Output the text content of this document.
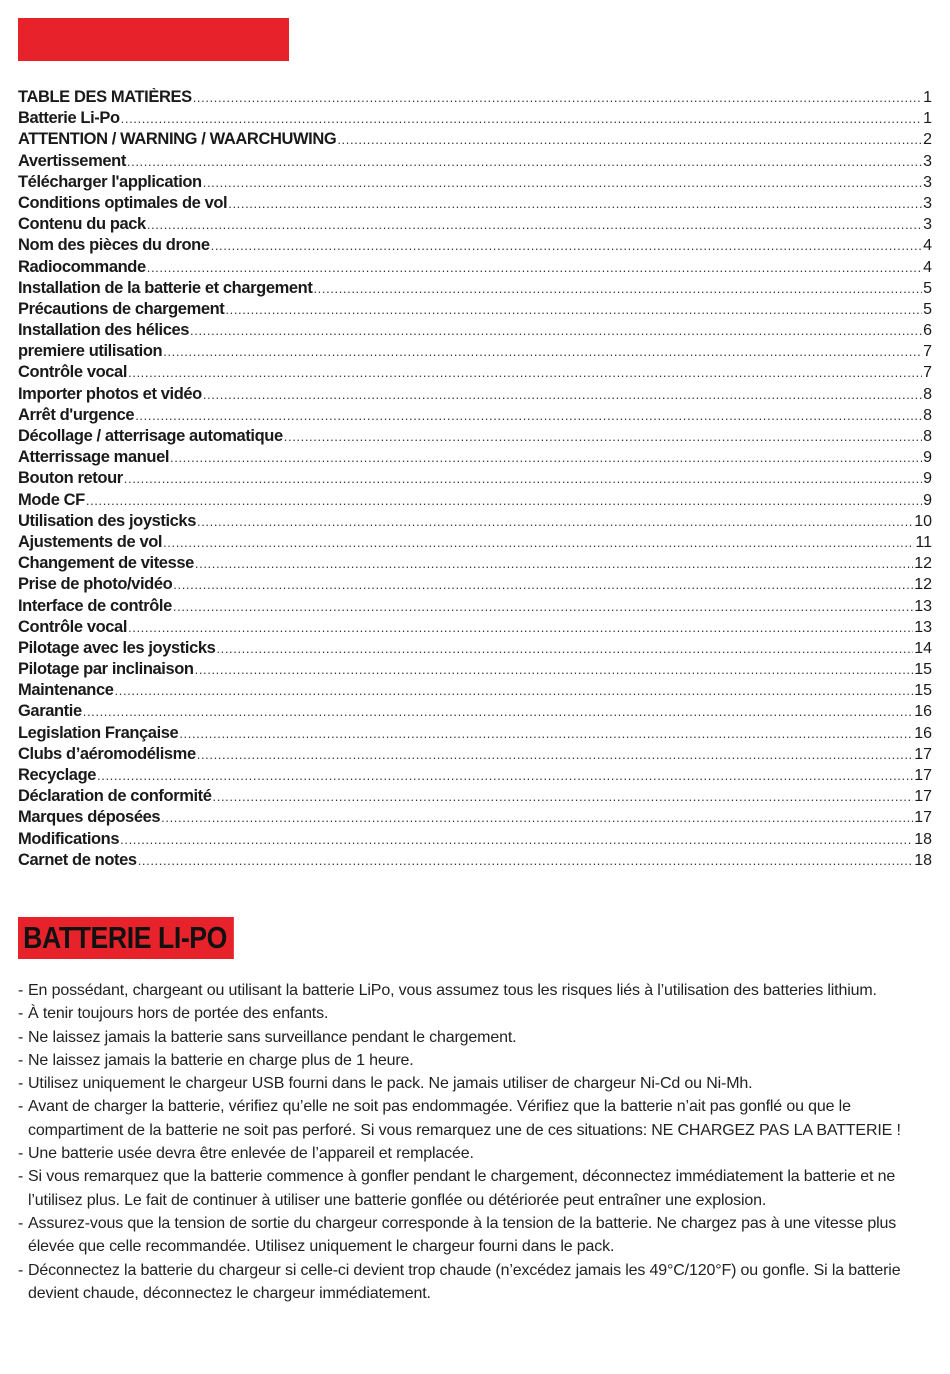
TABLE DES MATIÈRES .....	1
Batterie Li-Po .....	1
ATTENTION / WARNING / WAARCHUWING .....	2
Avertissement .....	3
Télécharger l'application .....	3
Conditions optimales de vol .....	3
Contenu du pack .....	3
Nom des pièces du drone .....	4
Radiocommande .....	4
Installation de la batterie et chargement .....	5
Précautions de chargement .....	5
Installation des hélices .....	6
premiere utilisation .....	7
Contrôle vocal .....	7
Importer photos et vidéo .....	8
Arrêt d'urgence .....	8
Décollage / atterrisage automatique .....	8
Atterrissage manuel .....	9
Bouton retour .....	9
Mode CF .....	9
Utilisation des joysticks .....	10
Ajustements de vol .....	11
Changement de vitesse .....	12
Prise de photo/vidéo .....	12
Interface de contrôle .....	13
Contrôle vocal .....	13
Pilotage avec les joysticks .....	14
Pilotage par inclinaison .....	15
Maintenance .....	15
Garantie .....	16
Legislation Française .....	16
Clubs d’aéromodélisme .....	17
Recyclage .....	17
Déclaration de conformité .....	17
Marques déposées .....	17
Modifications .....	18
Carnet de notes .....	18
BATTERIE LI-PO
- En possédant, chargeant ou utilisant la batterie LiPo, vous assumez tous les risques liés à l’utilisation des batteries lithium.
- À tenir toujours hors de portée des enfants.
- Ne laissez jamais la batterie sans surveillance pendant le chargement.
- Ne laissez jamais la batterie en charge plus de 1 heure.
- Utilisez uniquement le chargeur USB fourni dans le pack. Ne jamais utiliser de chargeur Ni-Cd ou Ni-Mh.
- Avant de charger la batterie, vérifiez qu’elle ne soit pas endommagée. Vérifiez que la batterie n’ait pas gonflé ou que le compartiment de la batterie ne soit pas perforé. Si vous remarquez une de ces situations: NE CHARGEZ PAS LA BATTERIE !
- Une batterie usée devra être enlevée de l’appareil et remplacée.
- Si vous remarquez que la batterie commence à gonfler pendant le chargement, déconnectez immédiatement la batterie et ne l’utilisez plus. Le fait de continuer à utiliser une batterie gonflée ou détériorée peut entraîner une explosion.
- Assurez-vous que la tension de sortie du chargeur corresponde à la tension de la batterie. Ne chargez pas à une vitesse plus élevée que celle recommandée. Utilisez uniquement le chargeur fourni dans le pack.
- Déconnectez la batterie du chargeur si celle-ci devient trop chaude (n’excédez jamais les 49°C/120°F) ou gonfle. Si la batterie devient chaude, déconnectez le chargeur immédiatement.
